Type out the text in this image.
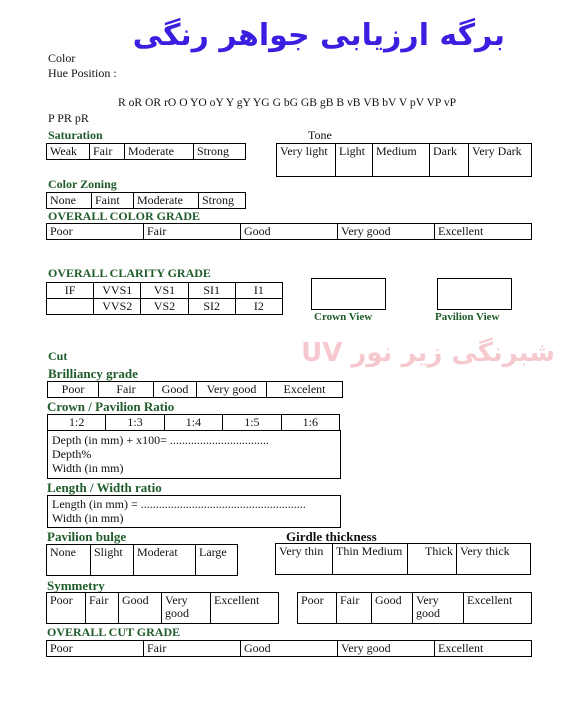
برگه ارزیابی جواهر رنگی
Color
Hue Position :
R oR OR rO O YO oY Y gY YG G bG GB gB B vB VB bV V pV VP vP
P PR pR
Saturation
Weak	Fair	Moderate	Strong
Tone
Very light	Light	Medium	Dark	Very Dark
Color Zoning
None	Faint	Moderate	Strong
OVERALL COLOR GRADE
Poor	Fair	Good	Very good	Excellent
OVERALL CLARITY GRADE
IF	VVS1	VS1	SI1	I1
	VVS2	VS2	SI2	I2
Crown View	Pavilion View
شبرنگی زیر نور UV
Cut
Brilliancy grade
Poor	Fair	Good	Very good	Excelent
Crown / Pavilion Ratio
1:2	1:3	1:4	1:5	1:6
Depth (in mm) + x100= .................................
Depth%
Width (in mm)
Length / Width ratio
Length (in mm) = .......................................................
Width (in mm)
Pavilion bulge
None	Slight	Moderat	Large
Girdle thickness
Very thin	Thin Medium	Thick	Very thick
Symmetry
Poor	Fair	Good	Very good	Excellent	Poor	Fair	Good	Very good	Excellent
OVERALL CUT GRADE
Poor	Fair	Good	Very good	Excellent
